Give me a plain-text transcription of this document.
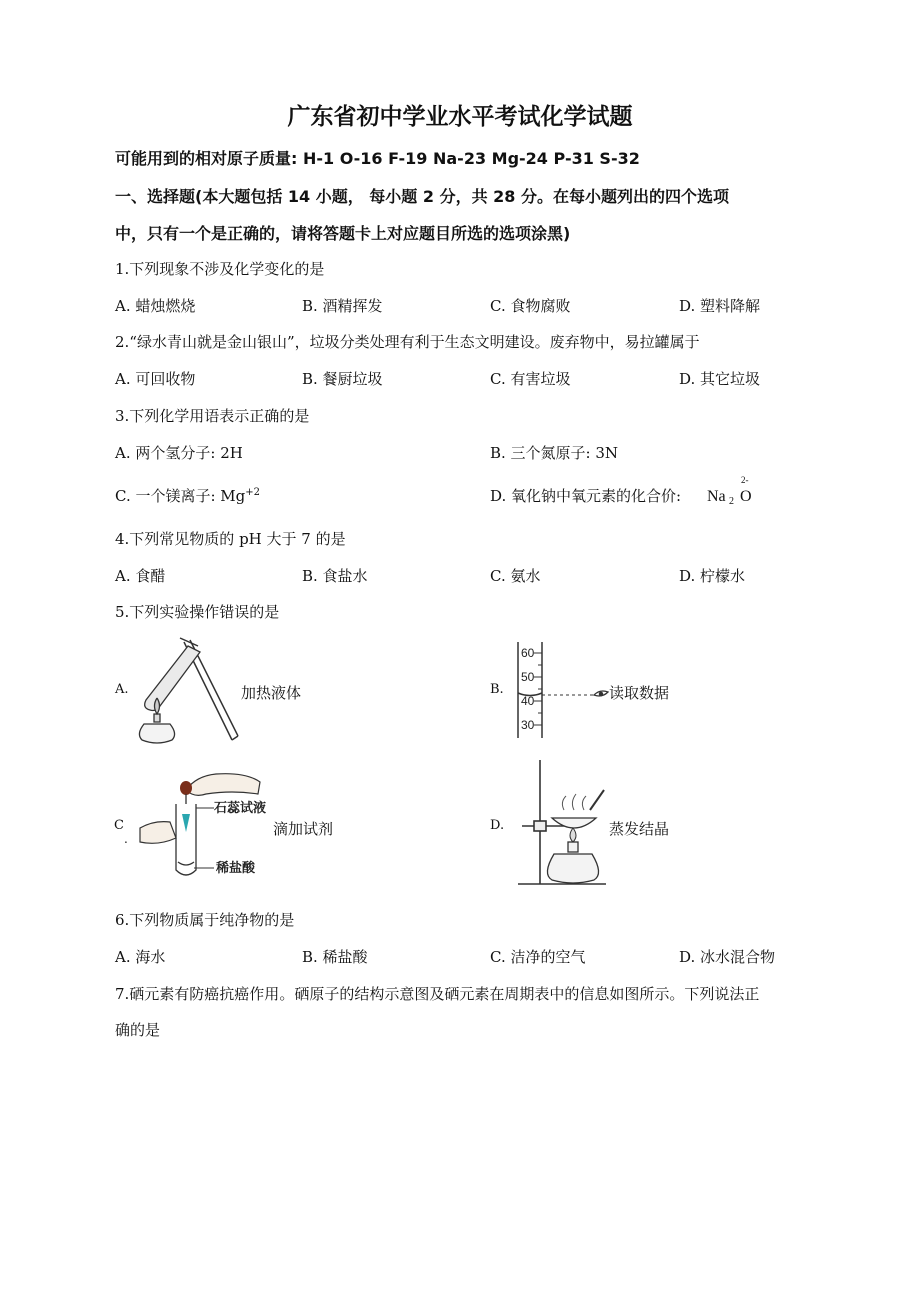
广东省初中学业水平考试化学试题
可能用到的相对原子质量: H-1 O-16 F-19 Na-23 Mg-24 P-31 S-32
一、选择题(本大题包括 14 小题， 每小题 2 分，共 28 分。在每小题列出的四个选项
中，只有一个是正确的，请将答题卡上对应题目所选的选项涂黑)
1.下列现象不涉及化学变化的是
A. 蜡烛燃烧	B. 酒精挥发	C. 食物腐败	D. 塑料降解
2.“绿水青山就是金山银山”，垃圾分类处理有利于生态文明建设。废弃物中，易拉罐属于
A. 可回收物	B. 餐厨垃圾	C. 有害垃圾	D. 其它垃圾
3.下列化学用语表示正确的是
A. 两个氢分子: 2H	B. 三个氮原子: 3N
C. 一个镁离子: $Mg^{+2}$	D. 氧化钠中氧元素的化合价: Na 2 O
2-
4.下列常见物质的 pH 大于 7 的是
A. 食醋	B. 食盐水	C. 氨水	D. 柠檬水
5.下列实验操作错误的是
A.	加热液体	B.
60
50
40
30
读取数据
C
.
石蕊试液
稀盐酸
滴加试剂	D.	蒸发结晶
6.下列物质属于纯净物的是
A. 海水	B. 稀盐酸	C. 洁净的空气	D. 冰水混合物
7.硒元素有防癌抗癌作用。硒原子的结构示意图及硒元素在周期表中的信息如图所示。下列说法正
确的是
